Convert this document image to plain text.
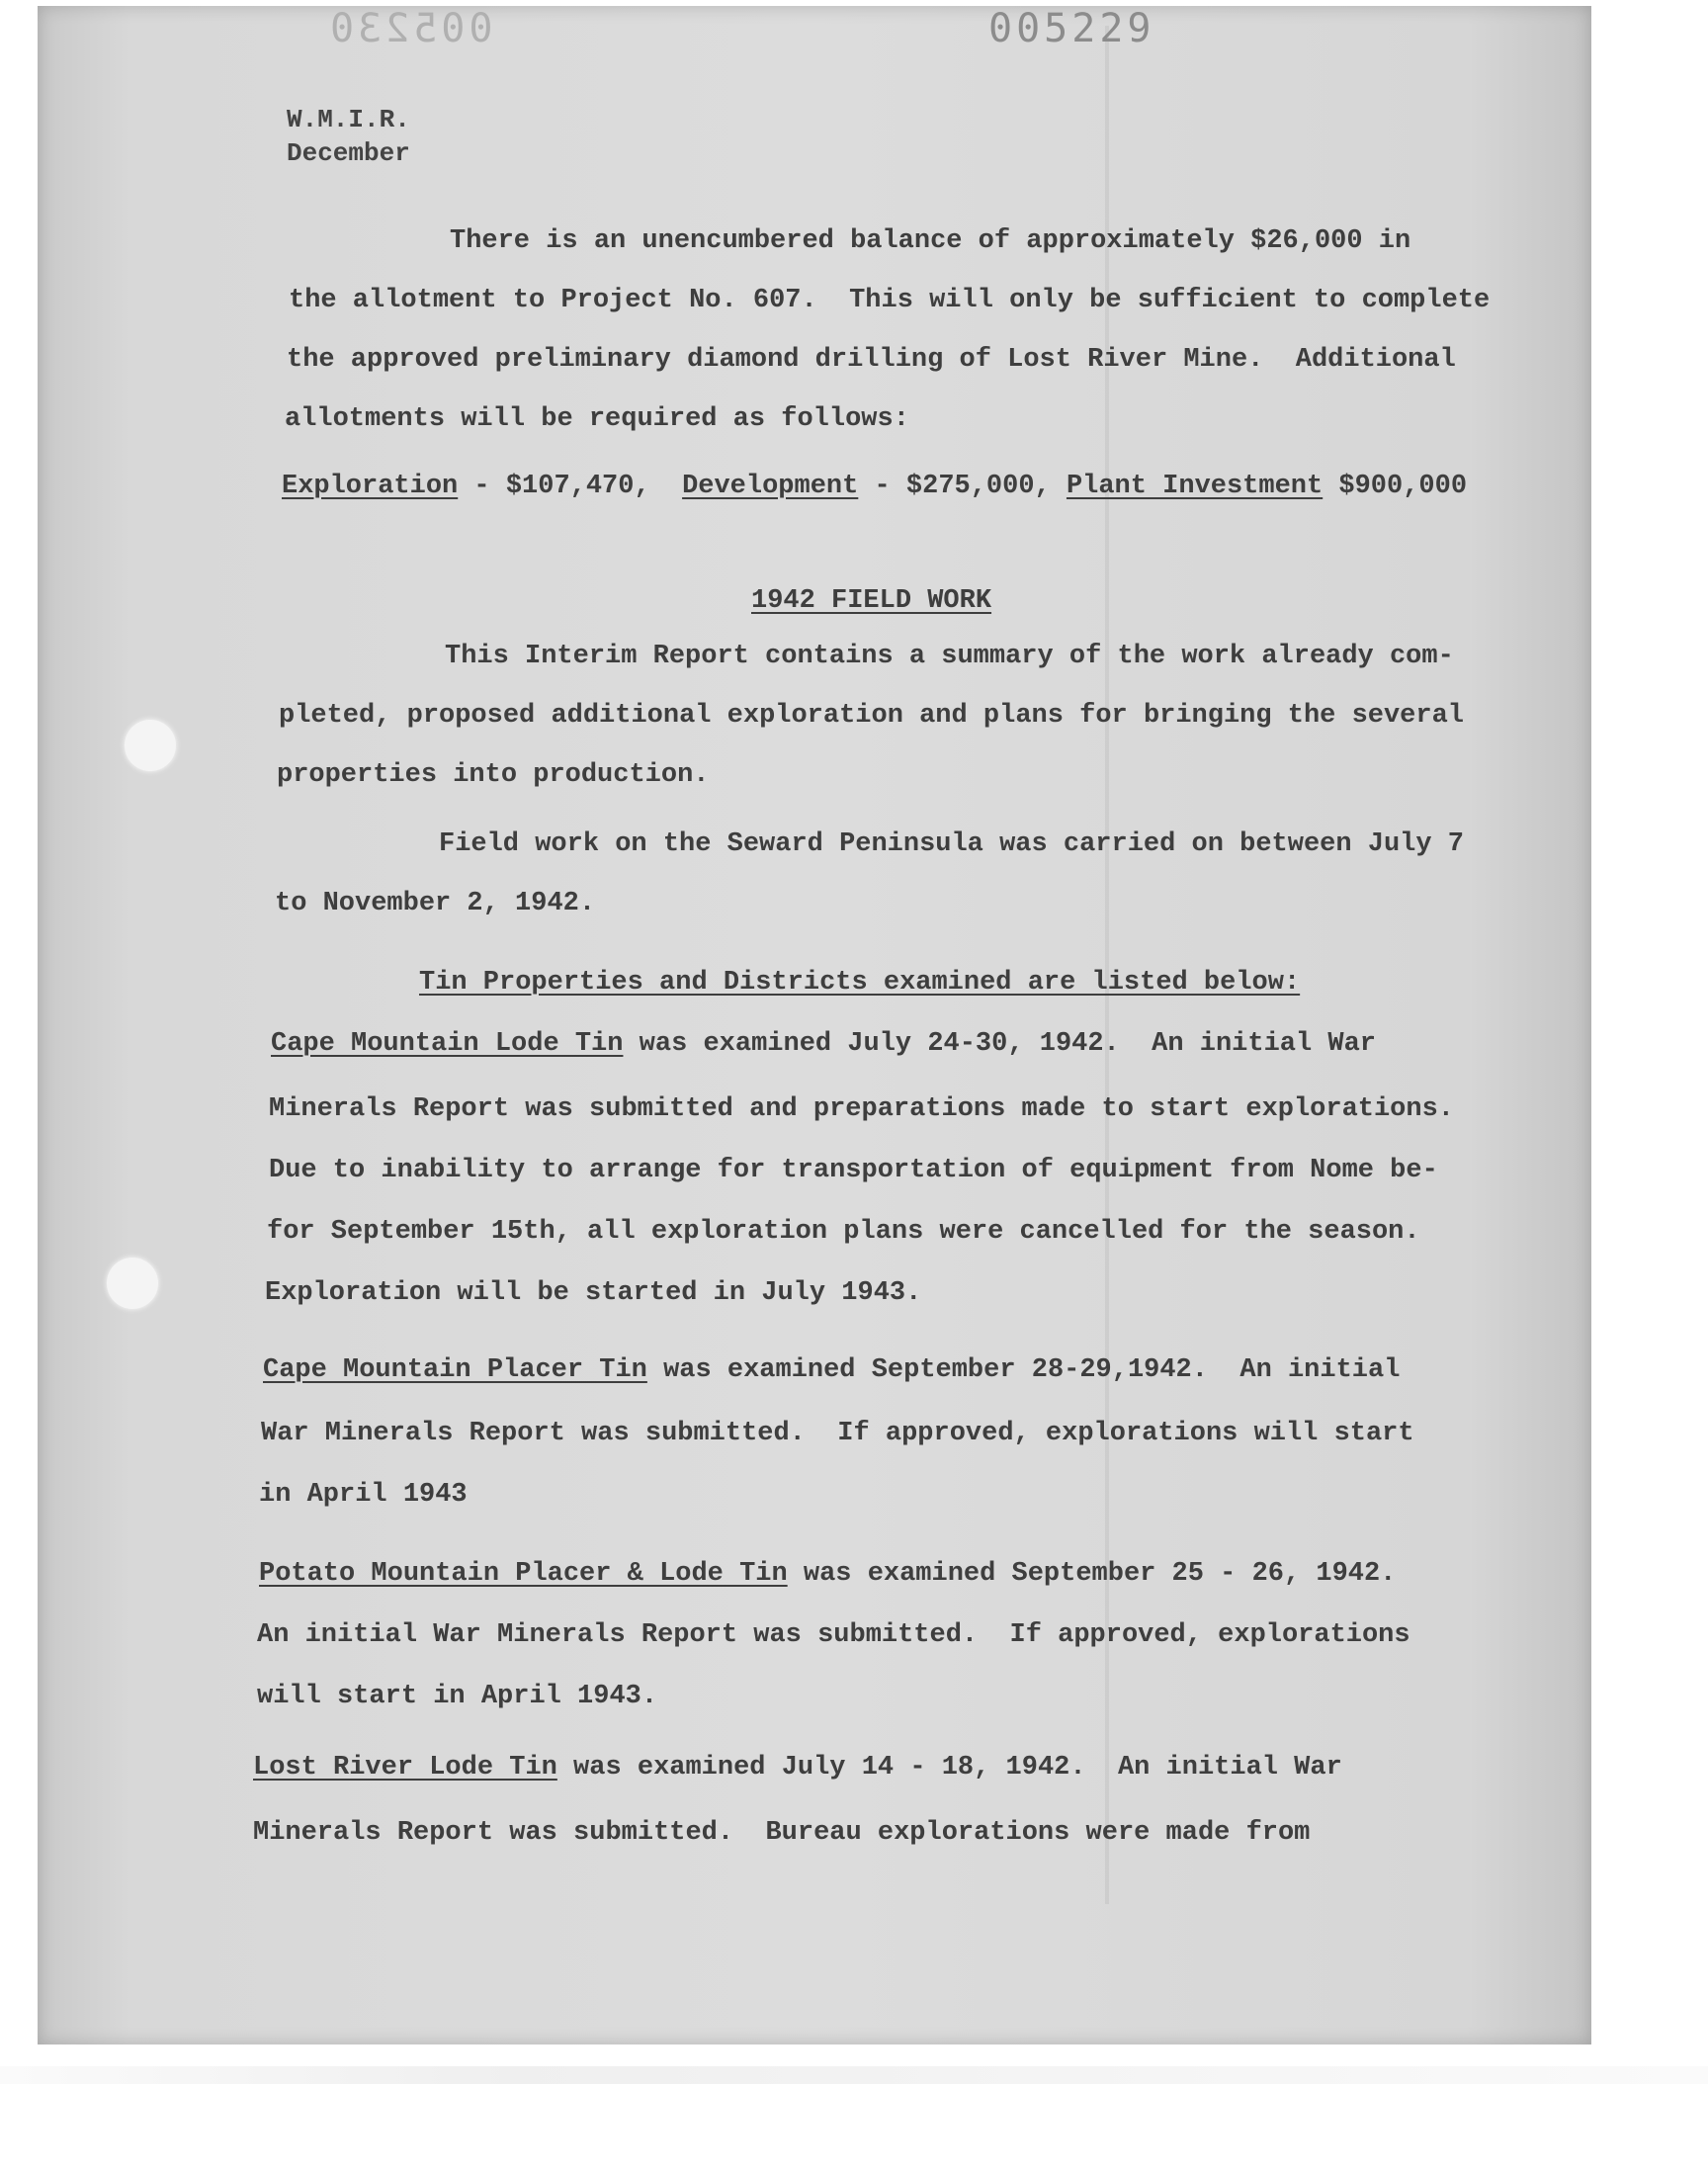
005230	005229
W.M.I.R.
December
There is an unencumbered balance of approximately $26,000 in
the allotment to Project No. 607.  This will only be sufficient to complete
the approved preliminary diamond drilling of Lost River Mine.  Additional
allotments will be required as follows:
Exploration - $107,470,  Development - $275,000, Plant Investment $900,000
1942 FIELD WORK
This Interim Report contains a summary of the work already com-
pleted, proposed additional exploration and plans for bringing the several
properties into production.
Field work on the Seward Peninsula was carried on between July 7
to November 2, 1942.
Tin Properties and Districts examined are listed below:
Cape Mountain Lode Tin was examined July 24-30, 1942.  An initial War
Minerals Report was submitted and preparations made to start explorations.
Due to inability to arrange for transportation of equipment from Nome be-
for September 15th, all exploration plans were cancelled for the season.
Exploration will be started in July 1943.
Cape Mountain Placer Tin was examined September 28-29,1942.  An initial
War Minerals Report was submitted.  If approved, explorations will start
in April 1943
Potato Mountain Placer & Lode Tin was examined September 25 - 26, 1942.
An initial War Minerals Report was submitted.  If approved, explorations
will start in April 1943.
Lost River Lode Tin was examined July 14 - 18, 1942.  An initial War
Minerals Report was submitted.  Bureau explorations were made from
